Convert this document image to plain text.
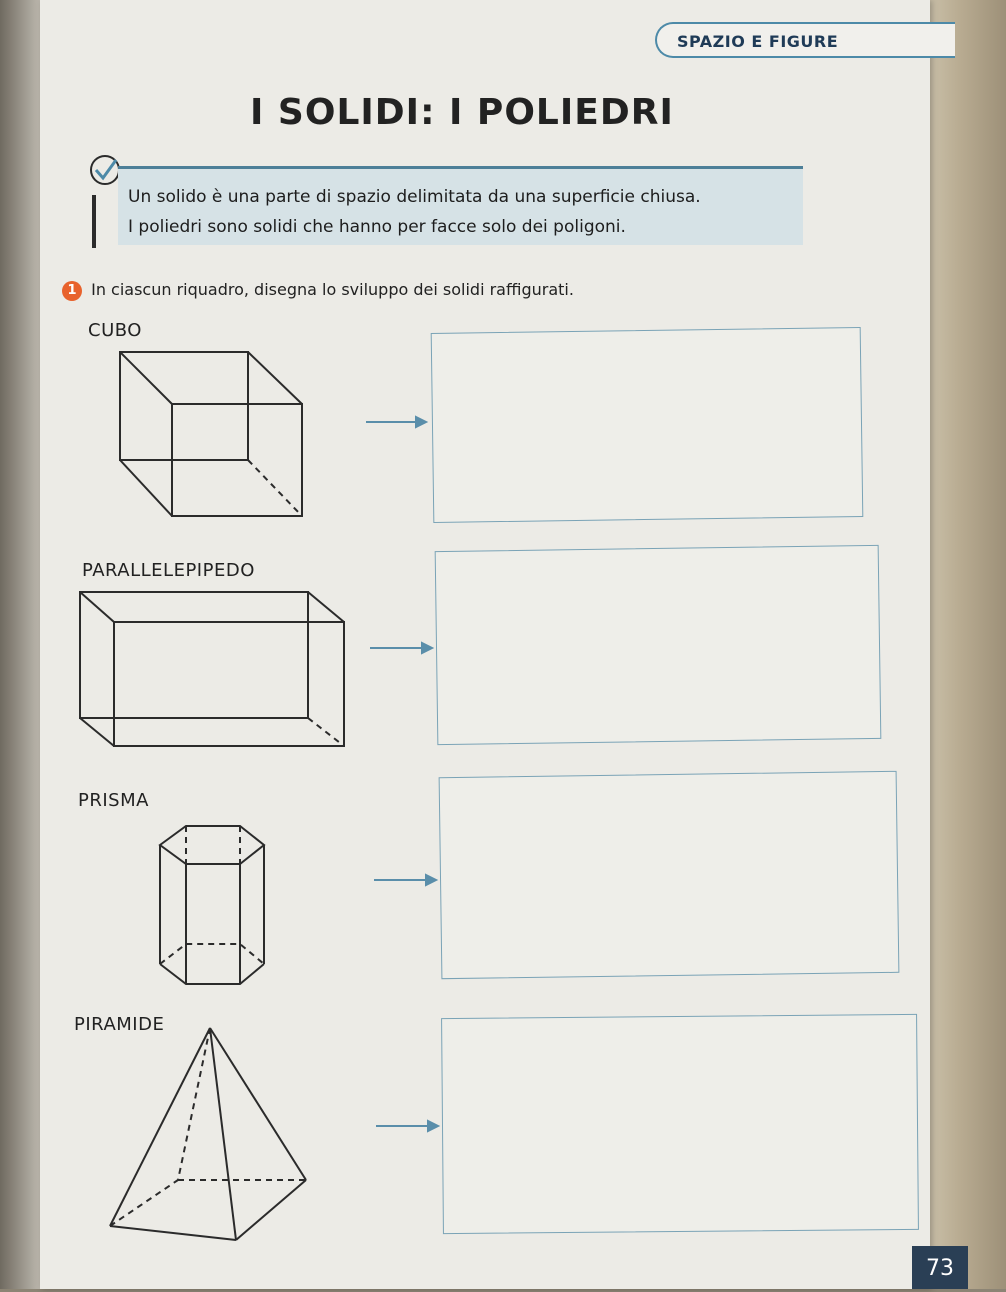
SPAZIO E FIGURE
I SOLIDI: I POLIEDRI
Un solido è una parte di spazio delimitata da una superficie chiusa.
I poliedri sono solidi che hanno per facce solo dei poligoni.
1 In ciascun riquadro, disegna lo sviluppo dei solidi raffigurati.
CUBO
PARALLELEPIPEDO
PRISMA
PIRAMIDE
73
